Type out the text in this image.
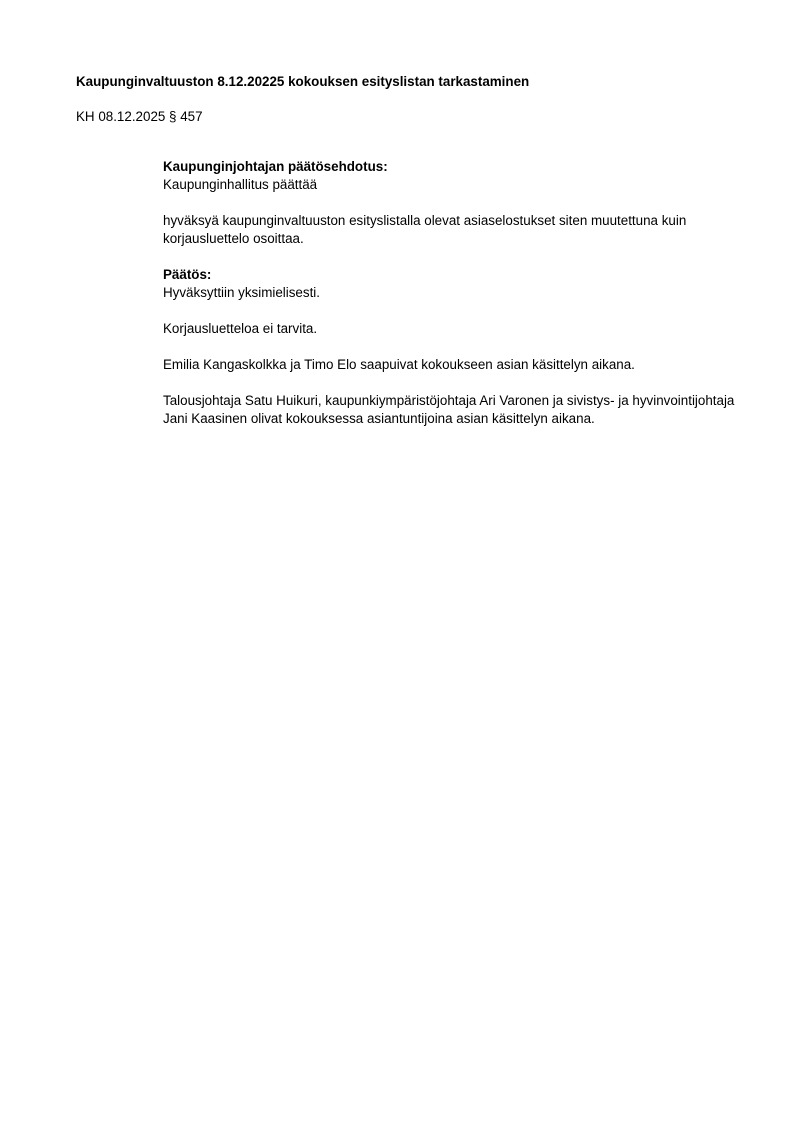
Kaupunginvaltuuston 8.12.20225 kokouksen esityslistan tarkastaminen

KH 08.12.2025 § 457

Kaupunginjohtajan päätösehdotus:

Kaupunginhallitus päättää

hyväksyä kaupunginvaltuuston esityslistalla olevat asiaselostukset siten muutettuna kuin korjausluettelo osoittaa.

Päätös:

Hyväksyttiin yksimielisesti.

Korjausluetteloa ei tarvita.

Emilia Kangaskolkka ja Timo Elo saapuivat kokoukseen asian käsittelyn aikana.

Talousjohtaja Satu Huikuri, kaupunkiympäristöjohtaja Ari Varonen ja sivistys- ja hyvinvointijohtaja Jani Kaasinen olivat kokouksessa asiantuntijoina asian käsittelyn aikana.
